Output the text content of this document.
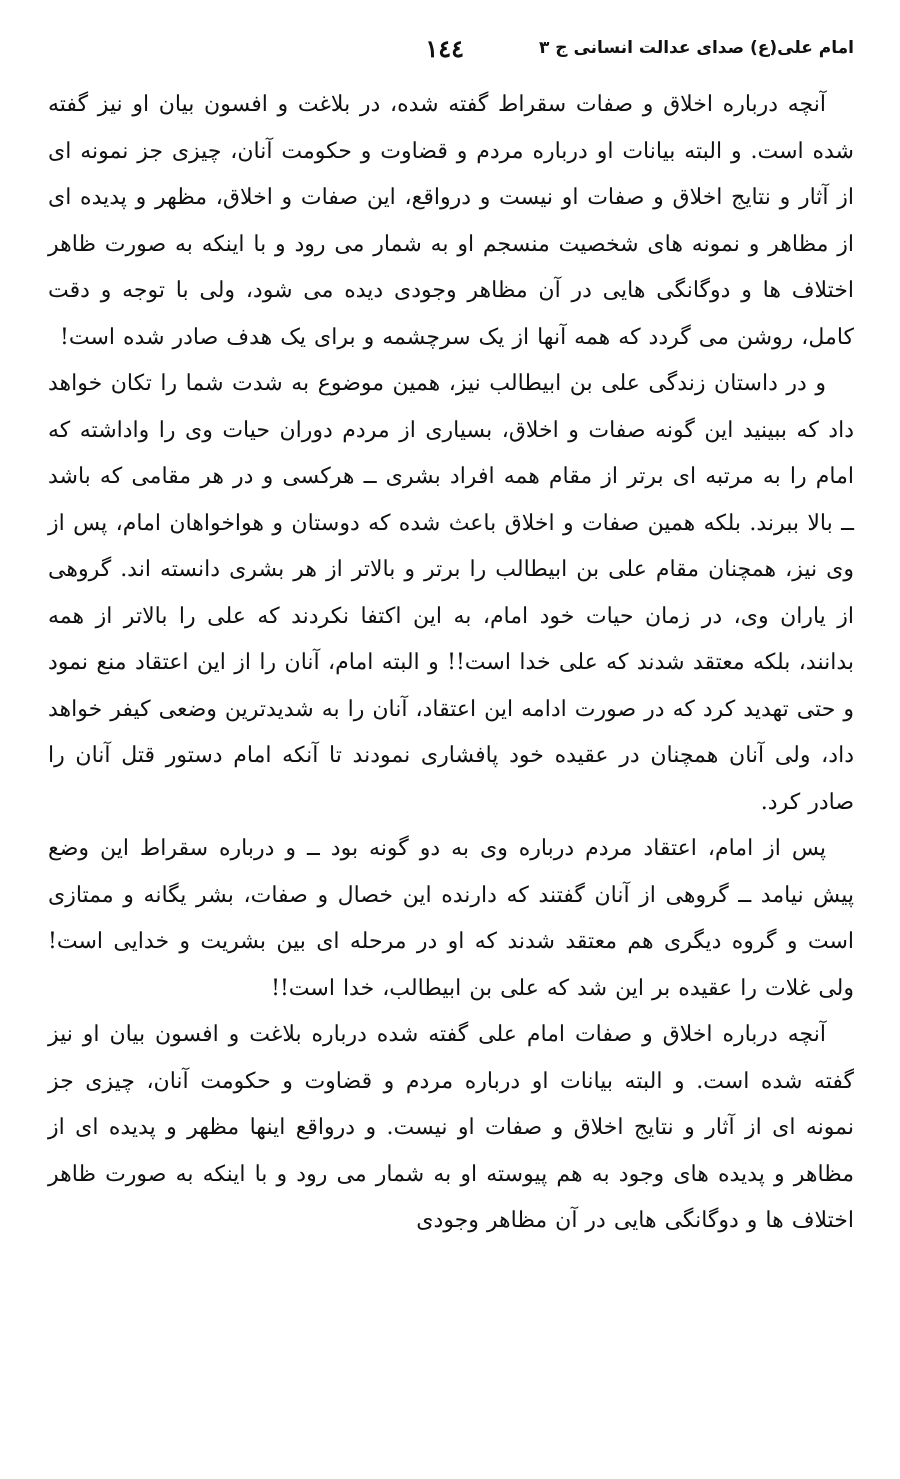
امام علی(ع) صدای عدالت انسانی ج ٣
١٤٤

آنچه درباره اخلاق و صفات سقراط گفته شده، در بلاغت و افسون بیان او نیز گفته شده است. و البته بیانات او درباره مردم و قضاوت و حکومت آنان، چیزی جز نمونه ای از آثار و نتایج اخلاق و صفات او نیست و درواقع، این صفات و اخلاق، مظهر و پدیده ای از مظاهر و نمونه های شخصیت منسجم او به شمار می رود و با اینکه به صورت ظاهر اختلاف ها و دوگانگی هایی در آن مظاهر وجودی دیده می شود، ولی با توجه و دقت کامل، روشن می گردد که همه آنها از یک سرچشمه و برای یک هدف صادر شده است!

و در داستان زندگی علی بن ابیطالب نیز، همین موضوع به شدت شما را تکان خواهد داد که ببینید این گونه صفات و اخلاق، بسیاری از مردم دوران حیات وی را واداشته که امام را به مرتبه ای برتر از مقام همه افراد بشری ــ هرکسی و در هر مقامی که باشد ــ بالا ببرند. بلکه همین صفات و اخلاق باعث شده که دوستان و هواخواهان امام، پس از وی نیز، همچنان مقام علی بن ابیطالب را برتر و بالاتر از هر بشری دانسته اند. گروهی از یاران وی، در زمان حیات خود امام، به این اکتفا نکردند که علی را بالاتر از همه بدانند، بلکه معتقد شدند که علی خدا است!! و البته امام، آنان را از این اعتقاد منع نمود و حتی تهدید کرد که در صورت ادامه این اعتقاد، آنان را به شدیدترین وضعی کیفر خواهد داد، ولی آنان همچنان در عقیده خود پافشاری نمودند تا آنکه امام دستور قتل آنان را صادر کرد.

پس از امام، اعتقاد مردم درباره وی به دو گونه بود ــ و درباره سقراط این وضع پیش نیامد ــ گروهی از آنان گفتند که دارنده این خصال و صفات، بشر یگانه و ممتازی است و گروه دیگری هم معتقد شدند که او در مرحله ای بین بشریت و خدایی است! ولی غلات را عقیده بر این شد که علی بن ابیطالب، خدا است!!

آنچه درباره اخلاق و صفات امام علی گفته شده درباره بلاغت و افسون بیان او نیز گفته شده است. و البته بیانات او درباره مردم و قضاوت و حکومت آنان، چیزی جز نمونه ای از آثار و نتایج اخلاق و صفات او نیست. و درواقع اینها مظهر و پدیده ای از مظاهر و پدیده های وجود به هم پیوسته او به شمار می رود و با اینکه به صورت ظاهر اختلاف ها و دوگانگی هایی در آن مظاهر وجودی
